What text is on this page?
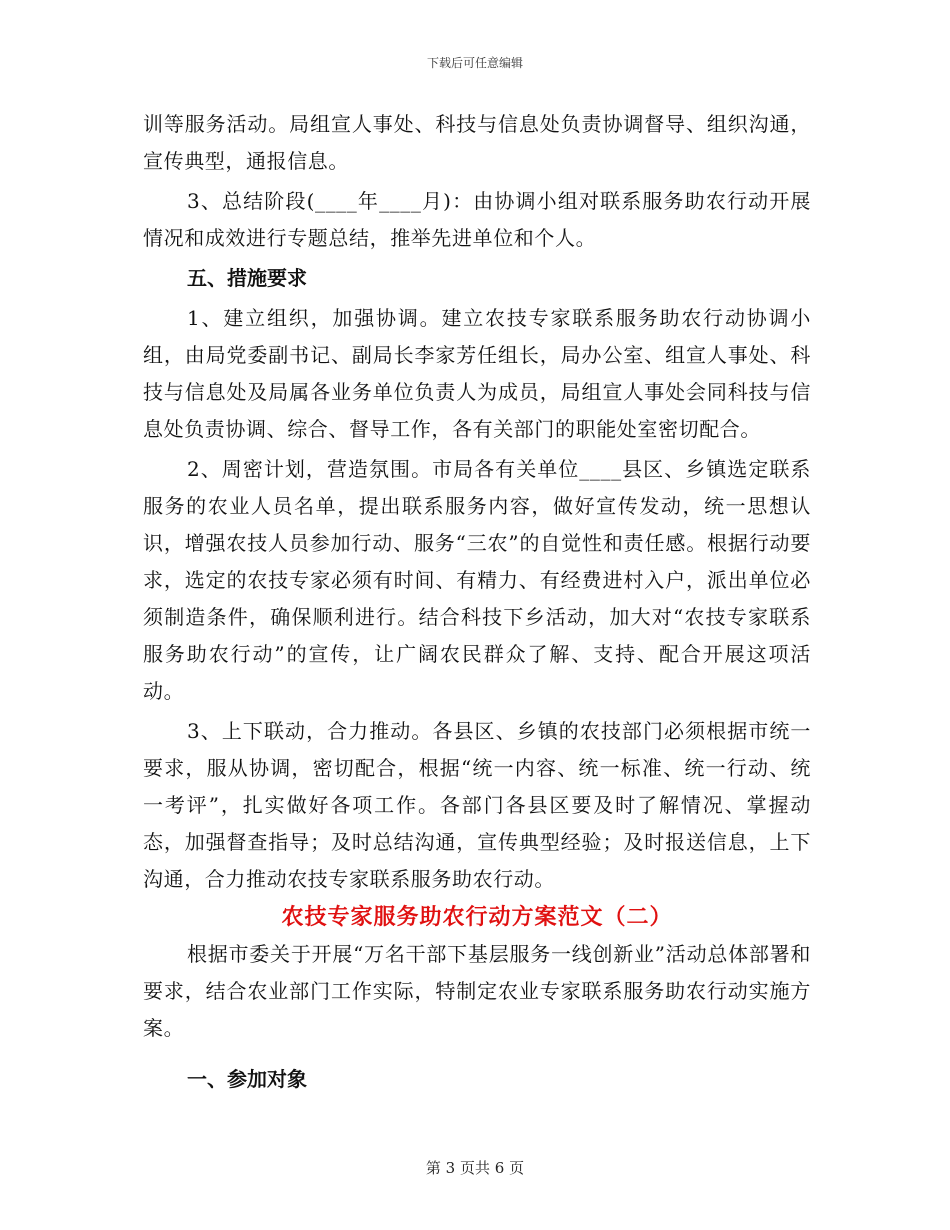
下载后可任意编辑

训等服务活动。局组宣人事处、科技与信息处负责协调督导、组织沟通，宣传典型，通报信息。

3、总结阶段(____年____月)：由协调小组对联系服务助农行动开展情况和成效进行专题总结，推举先进单位和个人。

五、措施要求

1、建立组织，加强协调。建立农技专家联系服务助农行动协调小组，由局党委副书记、副局长李家芳任组长，局办公室、组宣人事处、科技与信息处及局属各业务单位负责人为成员，局组宣人事处会同科技与信息处负责协调、综合、督导工作，各有关部门的职能处室密切配合。

2、周密计划，营造氛围。市局各有关单位____县区、乡镇选定联系服务的农业人员名单，提出联系服务内容，做好宣传发动，统一思想认识，增强农技人员参加行动、服务“三农”的自觉性和责任感。根据行动要求，选定的农技专家必须有时间、有精力、有经费进村入户，派出单位必须制造条件，确保顺利进行。结合科技下乡活动，加大对“农技专家联系服务助农行动”的宣传，让广阔农民群众了解、支持、配合开展这项活动。

3、上下联动，合力推动。各县区、乡镇的农技部门必须根据市统一要求，服从协调，密切配合，根据“统一内容、统一标准、统一行动、统一考评”，扎实做好各项工作。各部门各县区要及时了解情况、掌握动态，加强督查指导；及时总结沟通，宣传典型经验；及时报送信息，上下沟通，合力推动农技专家联系服务助农行动。

农技专家服务助农行动方案范文（二）

根据市委关于开展“万名干部下基层服务一线创新业”活动总体部署和要求，结合农业部门工作实际，特制定农业专家联系服务助农行动实施方案。

一、参加对象

第 3 页共 6 页
